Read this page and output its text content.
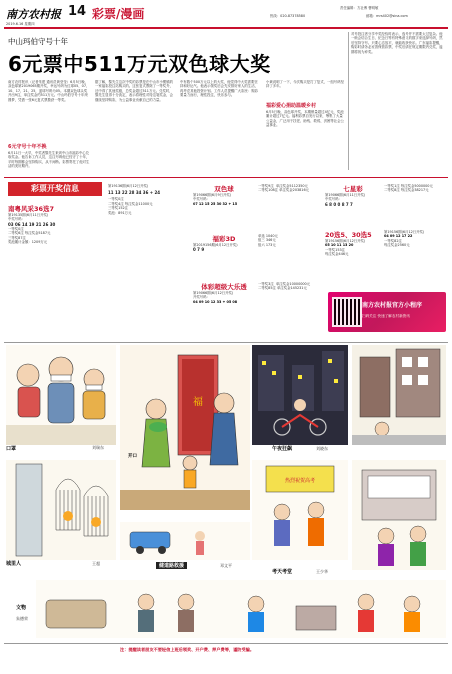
南方农村报 14 彩票/漫画
2019.6.16 星期四
责任编辑：方社博 曹明敏
热线：020-87378580	邮箱：mrs402@sina.com
中山玛伯守号十年
6元票中511万元双色球大奖
南方农村报讯（记者朱建 通讯员黄莹莹）6月5日晚，双色球第2019065期开奖，幸运号码为红球05、07、10、17、21、25，蓝球号码为05。本期双色球头奖开出9注，单注奖金约511万元。中山玛伯守号十年终圆梦，凭借一张6元复式票揽获一等奖。
6元守号十年不换
6月11日一大早，中奖者黎先生来到中山市福彩中心兑取奖金。他告诉工作人员，这注号码他已经守了十年，平时每期都会坚持购买，从不间断。彩票寄托了他对生活的美好期许。
据了解，黎先生这次中奖的彩票是在中山市小榄镇的一家福彩投注站购买的。这张复式票除了一等奖外，还中得了其他奖级，总奖金超过511万元。兑奖时，黎先生显得十分淡定，表示将理性对待这笔奖金，会继续坚持购彩，为公益事业贡献自己的力量。
中有数个500万元以上的大奖，他觉得中大奖需要坚持和好运气。他表示领奖后会先安排好家人的生活，再考虑其他投资计划。工作人员提醒广大彩民：购彩要量力而行，理性投注，快乐参与。
小黄说明了一下，今次购买是打了复式，一组号码坚持了多年。

福彩爱心捐助温暖乡村
6月5日晚，双色球开奖，本期销量超过4亿元，奖池累计超过7亿元。福利彩票自发行以来，筹集了大量公益金，广泛用于扶老、助残、救孤、济困等社会公益事业。
对号投注者分享中奖经验时表示，选号并不需要太过复杂。他一般会结合生日、纪念日等有特殊意义的数字来选择号码，然后坚持守号。只要心态放平，就能收获快乐。广东福彩提醒，购彩时请务必妥善保管彩票，中奖后请在规定期限内兑奖，逾期将视为弃奖。
彩票开奖信息
南粤风采36选7
第19135期(6月11日开奖)
中奖号码：
03 06 14 19 21 26 30
一等奖0注
二等奖6注 每注奖金5187元
三等奖87注
奖池累计金额：1209万元
第19136期(6月12日开奖)
11 13 22 28 34 36 + 24
一等奖0注
二等奖4注 每注奖金11000元
三等奖152注
奖池：891万元
双色球
第19066期(6月9日开奖)
中奖号码：
07 12 15 25 30 32 + 15
一等奖9注  单注奖金5112350元
二等奖108注 单注奖金203816元
福彩3D
第2019156期(6月12日开奖)
0 7 9
单选 1040元
组三 346元
组六 173元
体彩超级大乐透
第19066期(6月12日开奖)
开奖号码：
04 09 10 12 33 + 05 08
一等奖3注  单注奖金10000000元
二等奖85注 单注奖金145231元
七星彩
第19066期(6月11日开奖)
中奖号码：
6 8 0 0 8 7 7
一等奖1注 每注奖金5000000元
二等奖8注 每注奖金38217元
20选5、30选5
第19156期(6月12日开奖)
05 10 11 13 20
一等奖153注
每注奖金446元
第19156期(6月12日开奖)
04 09 12 17 22
一等奖82注
每注奖金2560元
南方农村报官方小程序
扫码关注 快速了解农村新资讯
口罩	刘瑞东
福
开口
午夜狂飙	刘晓东
城里人	王超	健道路救援	邓文平
热烈祝贺高考
考天考堂	王少华
文物
朱德荣
注：提醒读者朋友不要轻信上班后领奖、开户费、押户费等，谨防受骗。
